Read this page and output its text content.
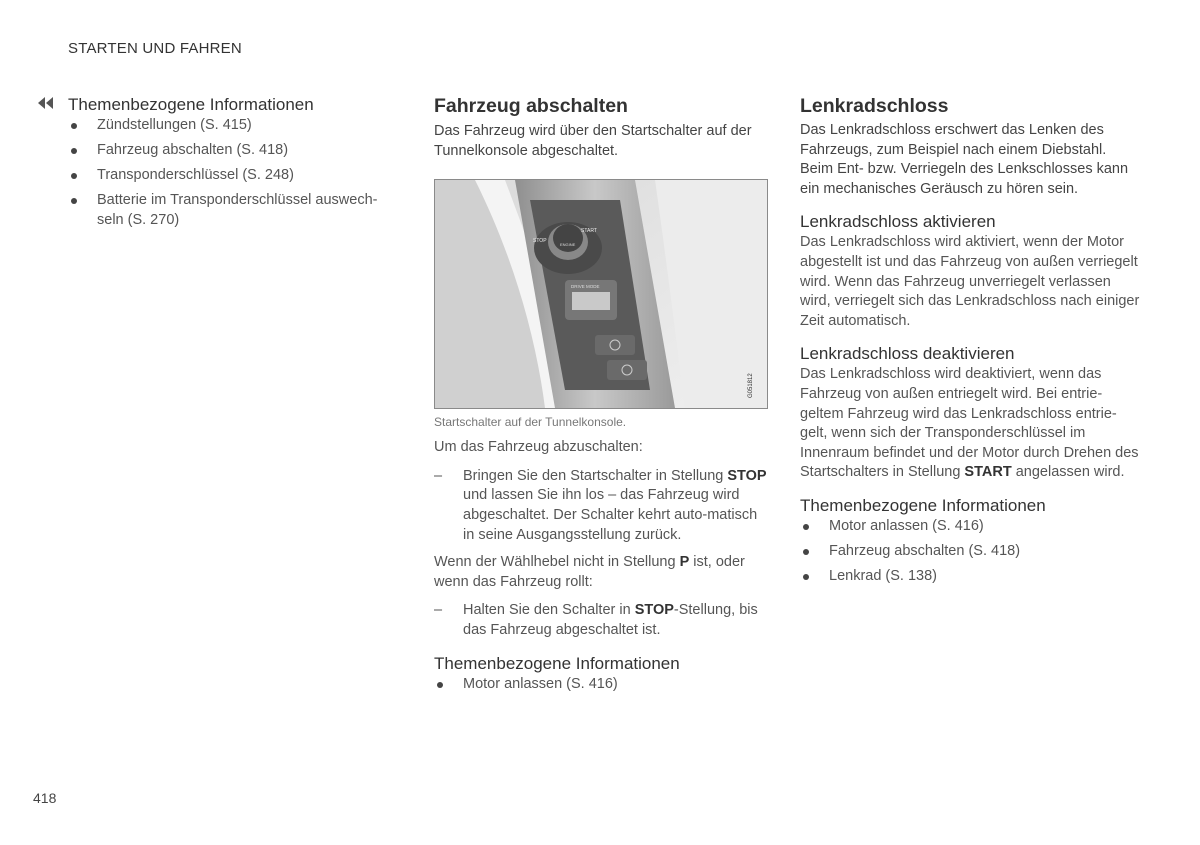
STARTEN UND FAHREN
Themenbezogene Informationen
Zündstellungen (S. 415)
Fahrzeug abschalten (S. 418)
Transponderschlüssel (S. 248)
Batterie im Transponderschlüssel auswech-seln (S. 270)
Fahrzeug abschalten

Das Fahrzeug wird über den Startschalter auf der Tunnelkonsole abgeschaltet.

STOP
START
ENGINE
DRIVE MODE
G051812

Startschalter auf der Tunnelkonsole.

Um das Fahrzeug abzuschalten:

– Bringen Sie den Startschalter in Stellung STOP und lassen Sie ihn los – das Fahrzeug wird abgeschaltet. Der Schalter kehrt auto-matisch in seine Ausgangsstellung zurück.

Wenn der Wählhebel nicht in Stellung P ist, oder wenn das Fahrzeug rollt:

– Halten Sie den Schalter in STOP-Stellung, bis das Fahrzeug abgeschaltet ist.
Themenbezogene Informationen
Motor anlassen (S. 416)
Lenkradschloss

Das Lenkradschloss erschwert das Lenken des Fahrzeugs, zum Beispiel nach einem Diebstahl. Beim Ent- bzw. Verriegeln des Lenkschlosses kann ein mechanisches Geräusch zu hören sein.

Lenkradschloss aktivieren

Das Lenkradschloss wird aktiviert, wenn der Motor abgestellt ist und das Fahrzeug von außen verriegelt wird. Wenn das Fahrzeug unverriegelt verlassen wird, verriegelt sich das Lenkradschloss nach einiger Zeit automatisch.

Lenkradschloss deaktivieren

Das Lenkradschloss wird deaktiviert, wenn das Fahrzeug von außen entriegelt wird. Bei entrie-geltem Fahrzeug wird das Lenkradschloss entrie-gelt, wenn sich der Transponderschlüssel im Innenraum befindet und der Motor durch Drehen des Startschalters in Stellung START angelassen wird.

Themenbezogene Informationen
Motor anlassen (S. 416)
Fahrzeug abschalten (S. 418)
Lenkrad (S. 138)
418
